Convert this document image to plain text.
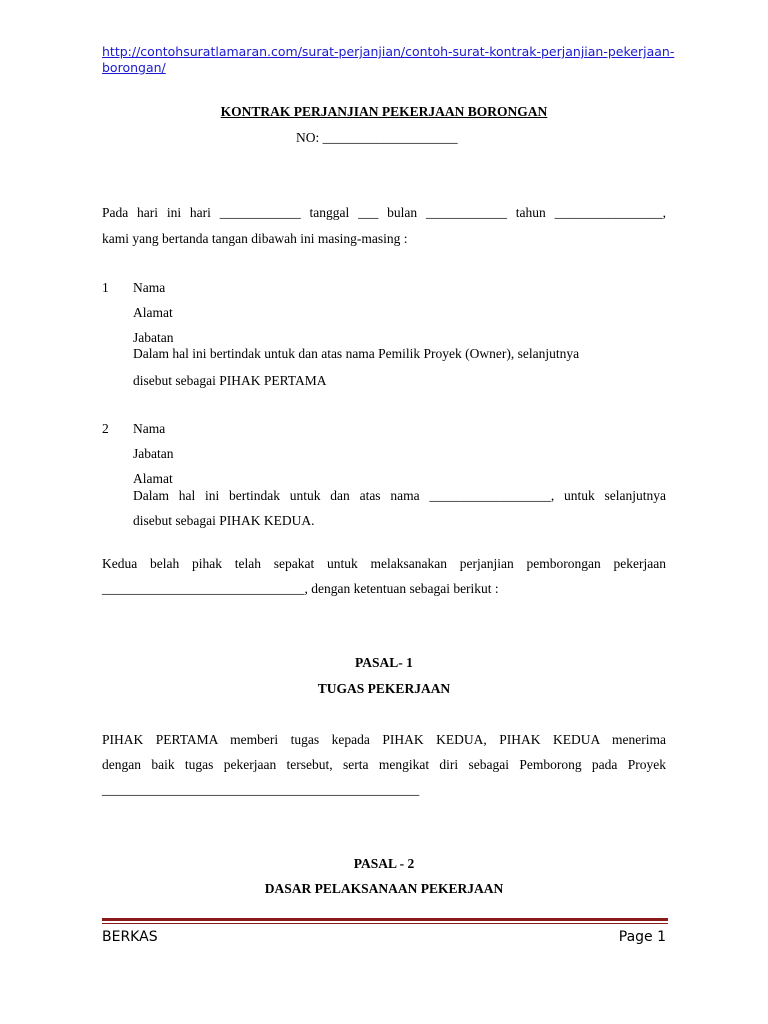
http://contohsuratlamaran.com/surat-perjanjian/contoh-surat-kontrak-perjanjian-pekerjaan-
borongan/
KONTRAK PERJANJIAN PEKERJAAN BORONGAN
NO: ____________________
Pada hari ini hari ____________ tanggal ___ bulan ____________ tahun ________________,
kami yang bertanda tangan dibawah ini masing-masing :
1 Nama
Alamat
Jabatan
Dalam hal ini bertindak untuk dan atas nama Pemilik Proyek (Owner), selanjutnya
disebut sebagai PIHAK PERTAMA
2 Nama
Jabatan
Alamat
Dalam hal ini bertindak untuk dan atas nama __________________, untuk selanjutnya
disebut sebagai PIHAK KEDUA.
Kedua belah pihak telah sepakat untuk melaksanakan perjanjian pemborongan pekerjaan
______________________________, dengan ketentuan sebagai berikut :
PASAL- 1
TUGAS PEKERJAAN
PIHAK PERTAMA memberi tugas kepada PIHAK KEDUA, PIHAK KEDUA menerima
dengan baik tugas pekerjaan tersebut, serta mengikat diri sebagai Pemborong pada Proyek
_______________________________________________
PASAL - 2
DASAR PELAKSANAAN PEKERJAAN
BERKAS	Page 1
